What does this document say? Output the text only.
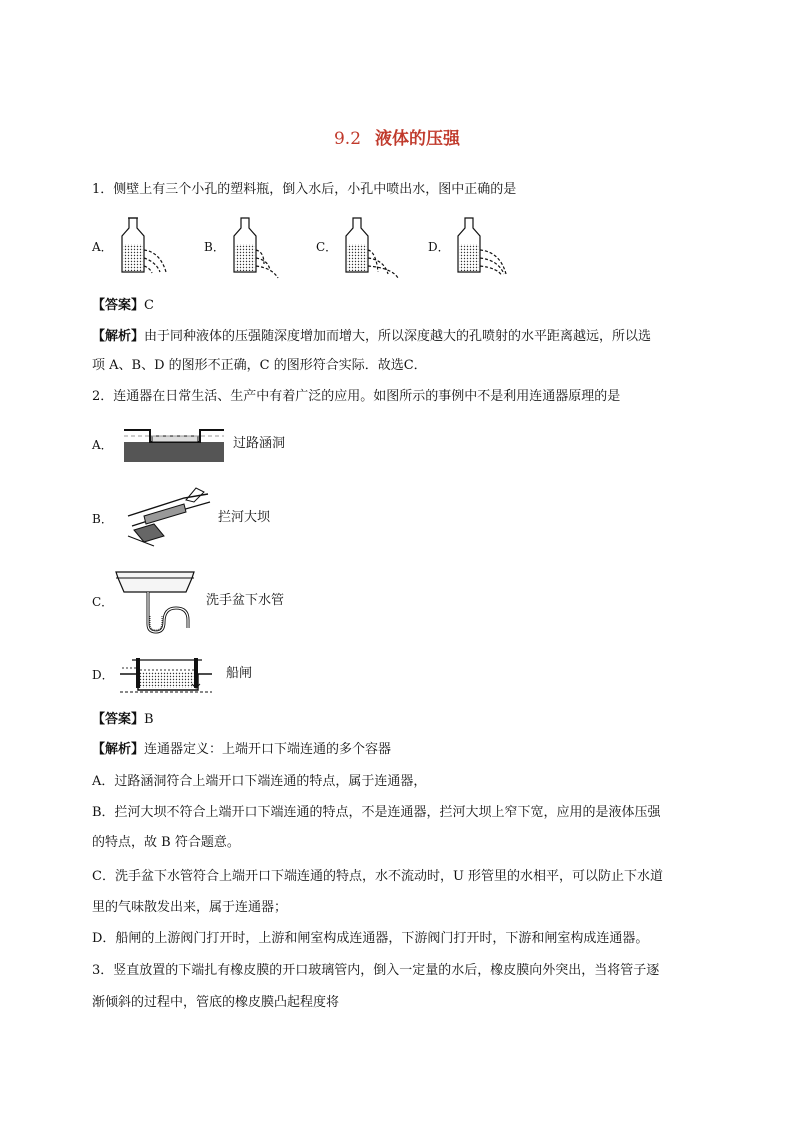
9.2 液体的压强
1．侧壁上有三个小孔的塑料瓶，倒入水后，小孔中喷出水，图中正确的是
A．	B．	C．	D．
【答案】C
【解析】由于同种液体的压强随深度增加而增大，所以深度越大的孔喷射的水平距离越远，所以选
项 A、B、D 的图形不正确，C 的图形符合实际．故选C．
2．连通器在日常生活、生产中有着广泛的应用。如图所示的事例中不是利用连通器原理的是
A．	过路涵洞
B．	拦河大坝
C．	洗手盆下水管
D．	船闸
【答案】B
【解析】连通器定义：上端开口下端连通的多个容器
A．过路涵洞符合上端开口下端连通的特点，属于连通器，
B．拦河大坝不符合上端开口下端连通的特点，不是连通器，拦河大坝上窄下宽，应用的是液体压强
的特点，故 B 符合题意。
C．洗手盆下水管符合上端开口下端连通的特点，水不流动时，U 形管里的水相平，可以防止下水道
里的气味散发出来，属于连通器；
D．船闸的上游阀门打开时，上游和闸室构成连通器，下游阀门打开时，下游和闸室构成连通器。
3．竖直放置的下端扎有橡皮膜的开口玻璃管内，倒入一定量的水后，橡皮膜向外突出，当将管子逐
渐倾斜的过程中，管底的橡皮膜凸起程度将
